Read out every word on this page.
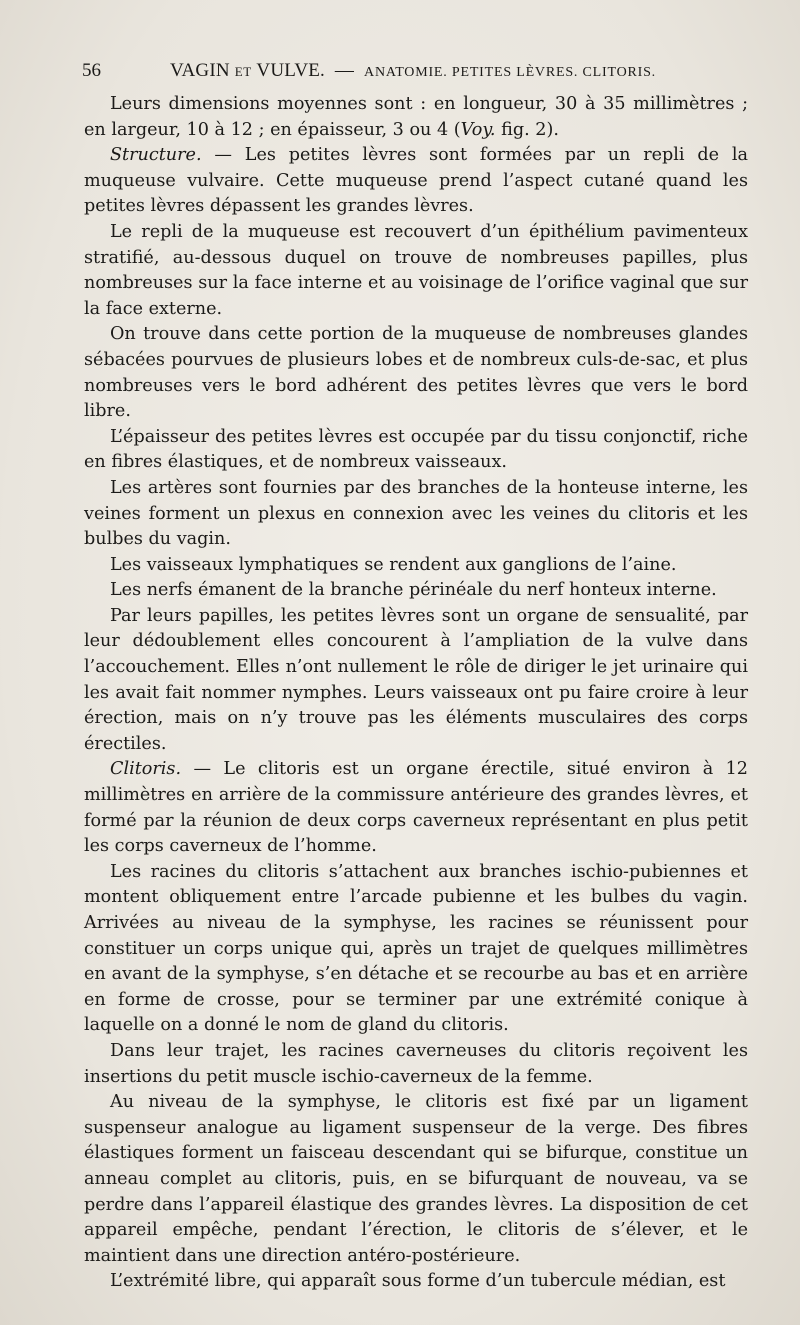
56	VAGIN ET VULVE. — ANATOMIE. PETITES LÈVRES. CLITORIS.

Leurs dimensions moyennes sont : en longueur, 30 à 35 millimètres ; en largeur, 10 à 12 ; en épaisseur, 3 ou 4 (Voy. fig. 2).

Structure. — Les petites lèvres sont formées par un repli de la muqueuse vulvaire. Cette muqueuse prend l’aspect cutané quand les petites lèvres dépassent les grandes lèvres.

Le repli de la muqueuse est recouvert d’un épithélium pavimenteux stratifié, au-dessous duquel on trouve de nombreuses papilles, plus nombreuses sur la face interne et au voisinage de l’orifice vaginal que sur la face externe.

On trouve dans cette portion de la muqueuse de nombreuses glandes sébacées pourvues de plusieurs lobes et de nombreux culs-de-sac, et plus nombreuses vers le bord adhérent des petites lèvres que vers le bord libre.

L’épaisseur des petites lèvres est occupée par du tissu conjonctif, riche en fibres élastiques, et de nombreux vaisseaux.

Les artères sont fournies par des branches de la honteuse interne, les veines forment un plexus en connexion avec les veines du clitoris et les bulbes du vagin.

Les vaisseaux lymphatiques se rendent aux ganglions de l’aine.

Les nerfs émanent de la branche périnéale du nerf honteux interne.

Par leurs papilles, les petites lèvres sont un organe de sensualité, par leur dédoublement elles concourent à l’ampliation de la vulve dans l’accouchement. Elles n’ont nullement le rôle de diriger le jet urinaire qui les avait fait nommer nymphes. Leurs vaisseaux ont pu faire croire à leur érection, mais on n’y trouve pas les éléments musculaires des corps érectiles.

Clitoris. — Le clitoris est un organe érectile, situé environ à 12 millimètres en arrière de la commissure antérieure des grandes lèvres, et formé par la réunion de deux corps caverneux représentant en plus petit les corps caverneux de l’homme.

Les racines du clitoris s’attachent aux branches ischio-pubiennes et montent obliquement entre l’arcade pubienne et les bulbes du vagin. Arrivées au niveau de la symphyse, les racines se réunissent pour constituer un corps unique qui, après un trajet de quelques millimètres en avant de la symphyse, s’en détache et se recourbe au bas et en arrière en forme de crosse, pour se terminer par une extrémité conique à laquelle on a donné le nom de gland du clitoris.

Dans leur trajet, les racines caverneuses du clitoris reçoivent les insertions du petit muscle ischio-caverneux de la femme.

Au niveau de la symphyse, le clitoris est fixé par un ligament suspenseur analogue au ligament suspenseur de la verge. Des fibres élastiques forment un faisceau descendant qui se bifurque, constitue un anneau complet au clitoris, puis, en se bifurquant de nouveau, va se perdre dans l’appareil élastique des grandes lèvres. La disposition de cet appareil empêche, pendant l’érection, le clitoris de s’élever, et le maintient dans une direction antéro-postérieure.

L’extrémité libre, qui apparaît sous forme d’un tubercule médian, est
